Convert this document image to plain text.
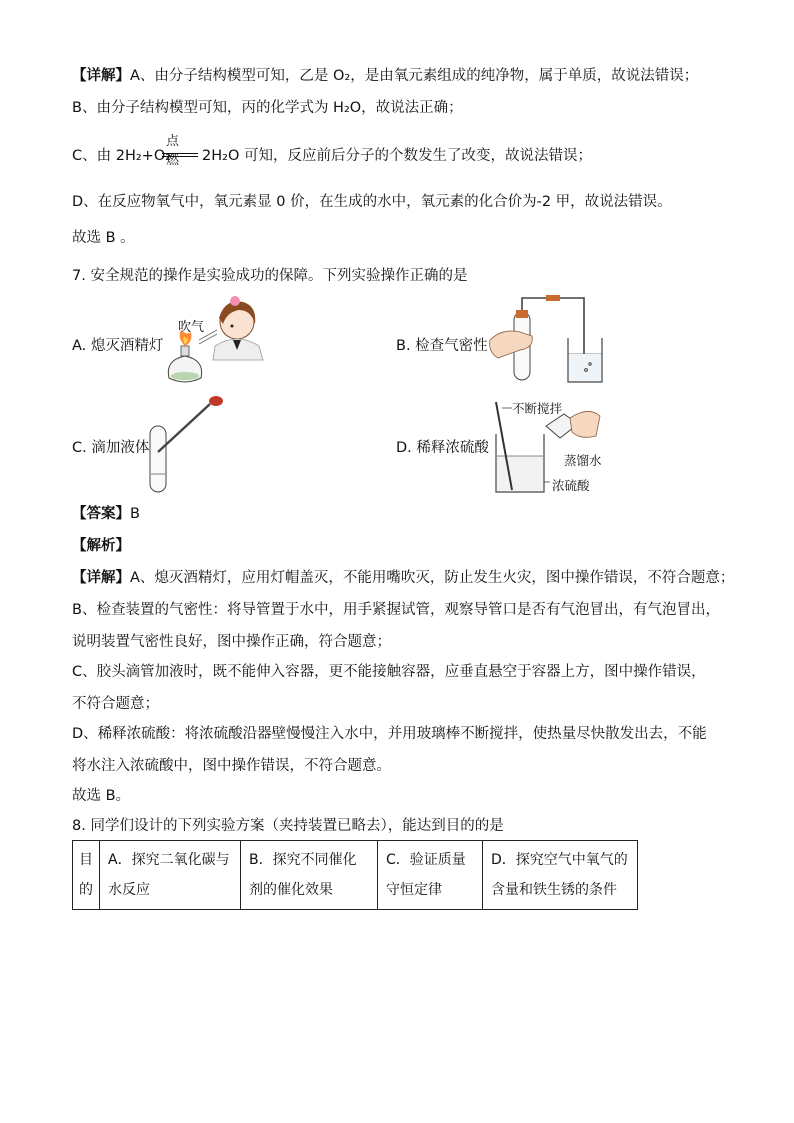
【详解】A、由分子结构模型可知，乙是 O₂，是由氧元素组成的纯净物，属于单质，故说法错误；
B、由分子结构模型可知，丙的化学式为 H₂O，故说法正确；
C、由 2H₂+O₂
点燃 2H₂O 可知，反应前后分子的个数发生了改变，故说法错误；
D、在反应物氧气中，氧元素显 0 价，在生成的水中，氧元素的化合价为-2 甲，故说法错误。
故选 B 。
7. 安全规范的操作是实验成功的保障。下列实验操作正确的是
A. 熄灭酒精灯
吹气
B. 检查气密性
C. 滴加液体	D. 稀释浓硫酸
不断搅拌
蒸馏水
浓硫酸
【答案】B
【解析】
【详解】A、熄灭酒精灯，应用灯帽盖灭，不能用嘴吹灭，防止发生火灾，图中操作错误，不符合题意；
B、检查装置的气密性：将导管置于水中，用手紧握试管，观察导管口是否有气泡冒出，有气泡冒出，说明装置气密性良好，图中操作正确，符合题意；
C、胶头滴管加液时，既不能伸入容器，更不能接触容器，应垂直悬空于容器上方，图中操作错误，不符合题意；
D、稀释浓硫酸：将浓硫酸沿器壁慢慢注入水中，并用玻璃棒不断搅拌，使热量尽快散发出去，不能将水注入浓硫酸中，图中操作错误，不符合题意。
故选 B。
8. 同学们设计的下列实验方案（夹持装置已略去），能达到目的的是
目的	A．探究二氧化碳与水反应	B．探究不同催化剂的催化效果	C．验证质量守恒定律	D．探究空气中氧气的含量和铁生锈的条件
